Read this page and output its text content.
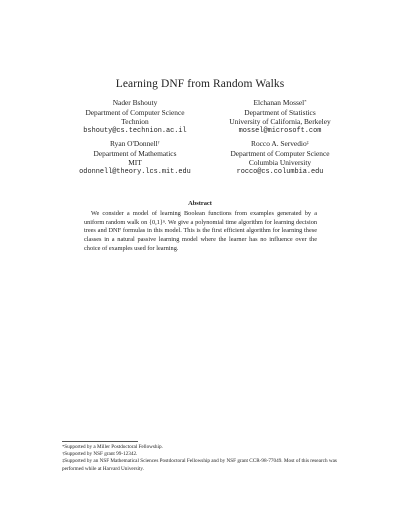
Learning DNF from Random Walks
Nader Bshouty
Department of Computer Science
Technion
bshouty@cs.technion.ac.il
Elchanan Mossel*
Department of Statistics
University of California, Berkeley
mossel@microsoft.com
Ryan O'Donnell†
Department of Mathematics
MIT
odonnell@theory.lcs.mit.edu
Rocco A. Servedio‡
Department of Computer Science
Columbia University
rocco@cs.columbia.edu
Abstract
We consider a model of learning Boolean functions from examples generated by a uniform random walk on {0,1}ⁿ. We give a polynomial time algorithm for learning decision trees and DNF formulas in this model. This is the first efficient algorithm for learning these classes in a natural passive learning model where the learner has no influence over the choice of examples used for learning.

*Supported by a Miller Postdoctoral Fellowship.

†Supported by NSF grant 99-12342.

‡Supported by an NSF Mathematical Sciences Postdoctoral Fellowship and by NSF grant CCR-98-77049. Most of this research was performed while at Harvard University.
